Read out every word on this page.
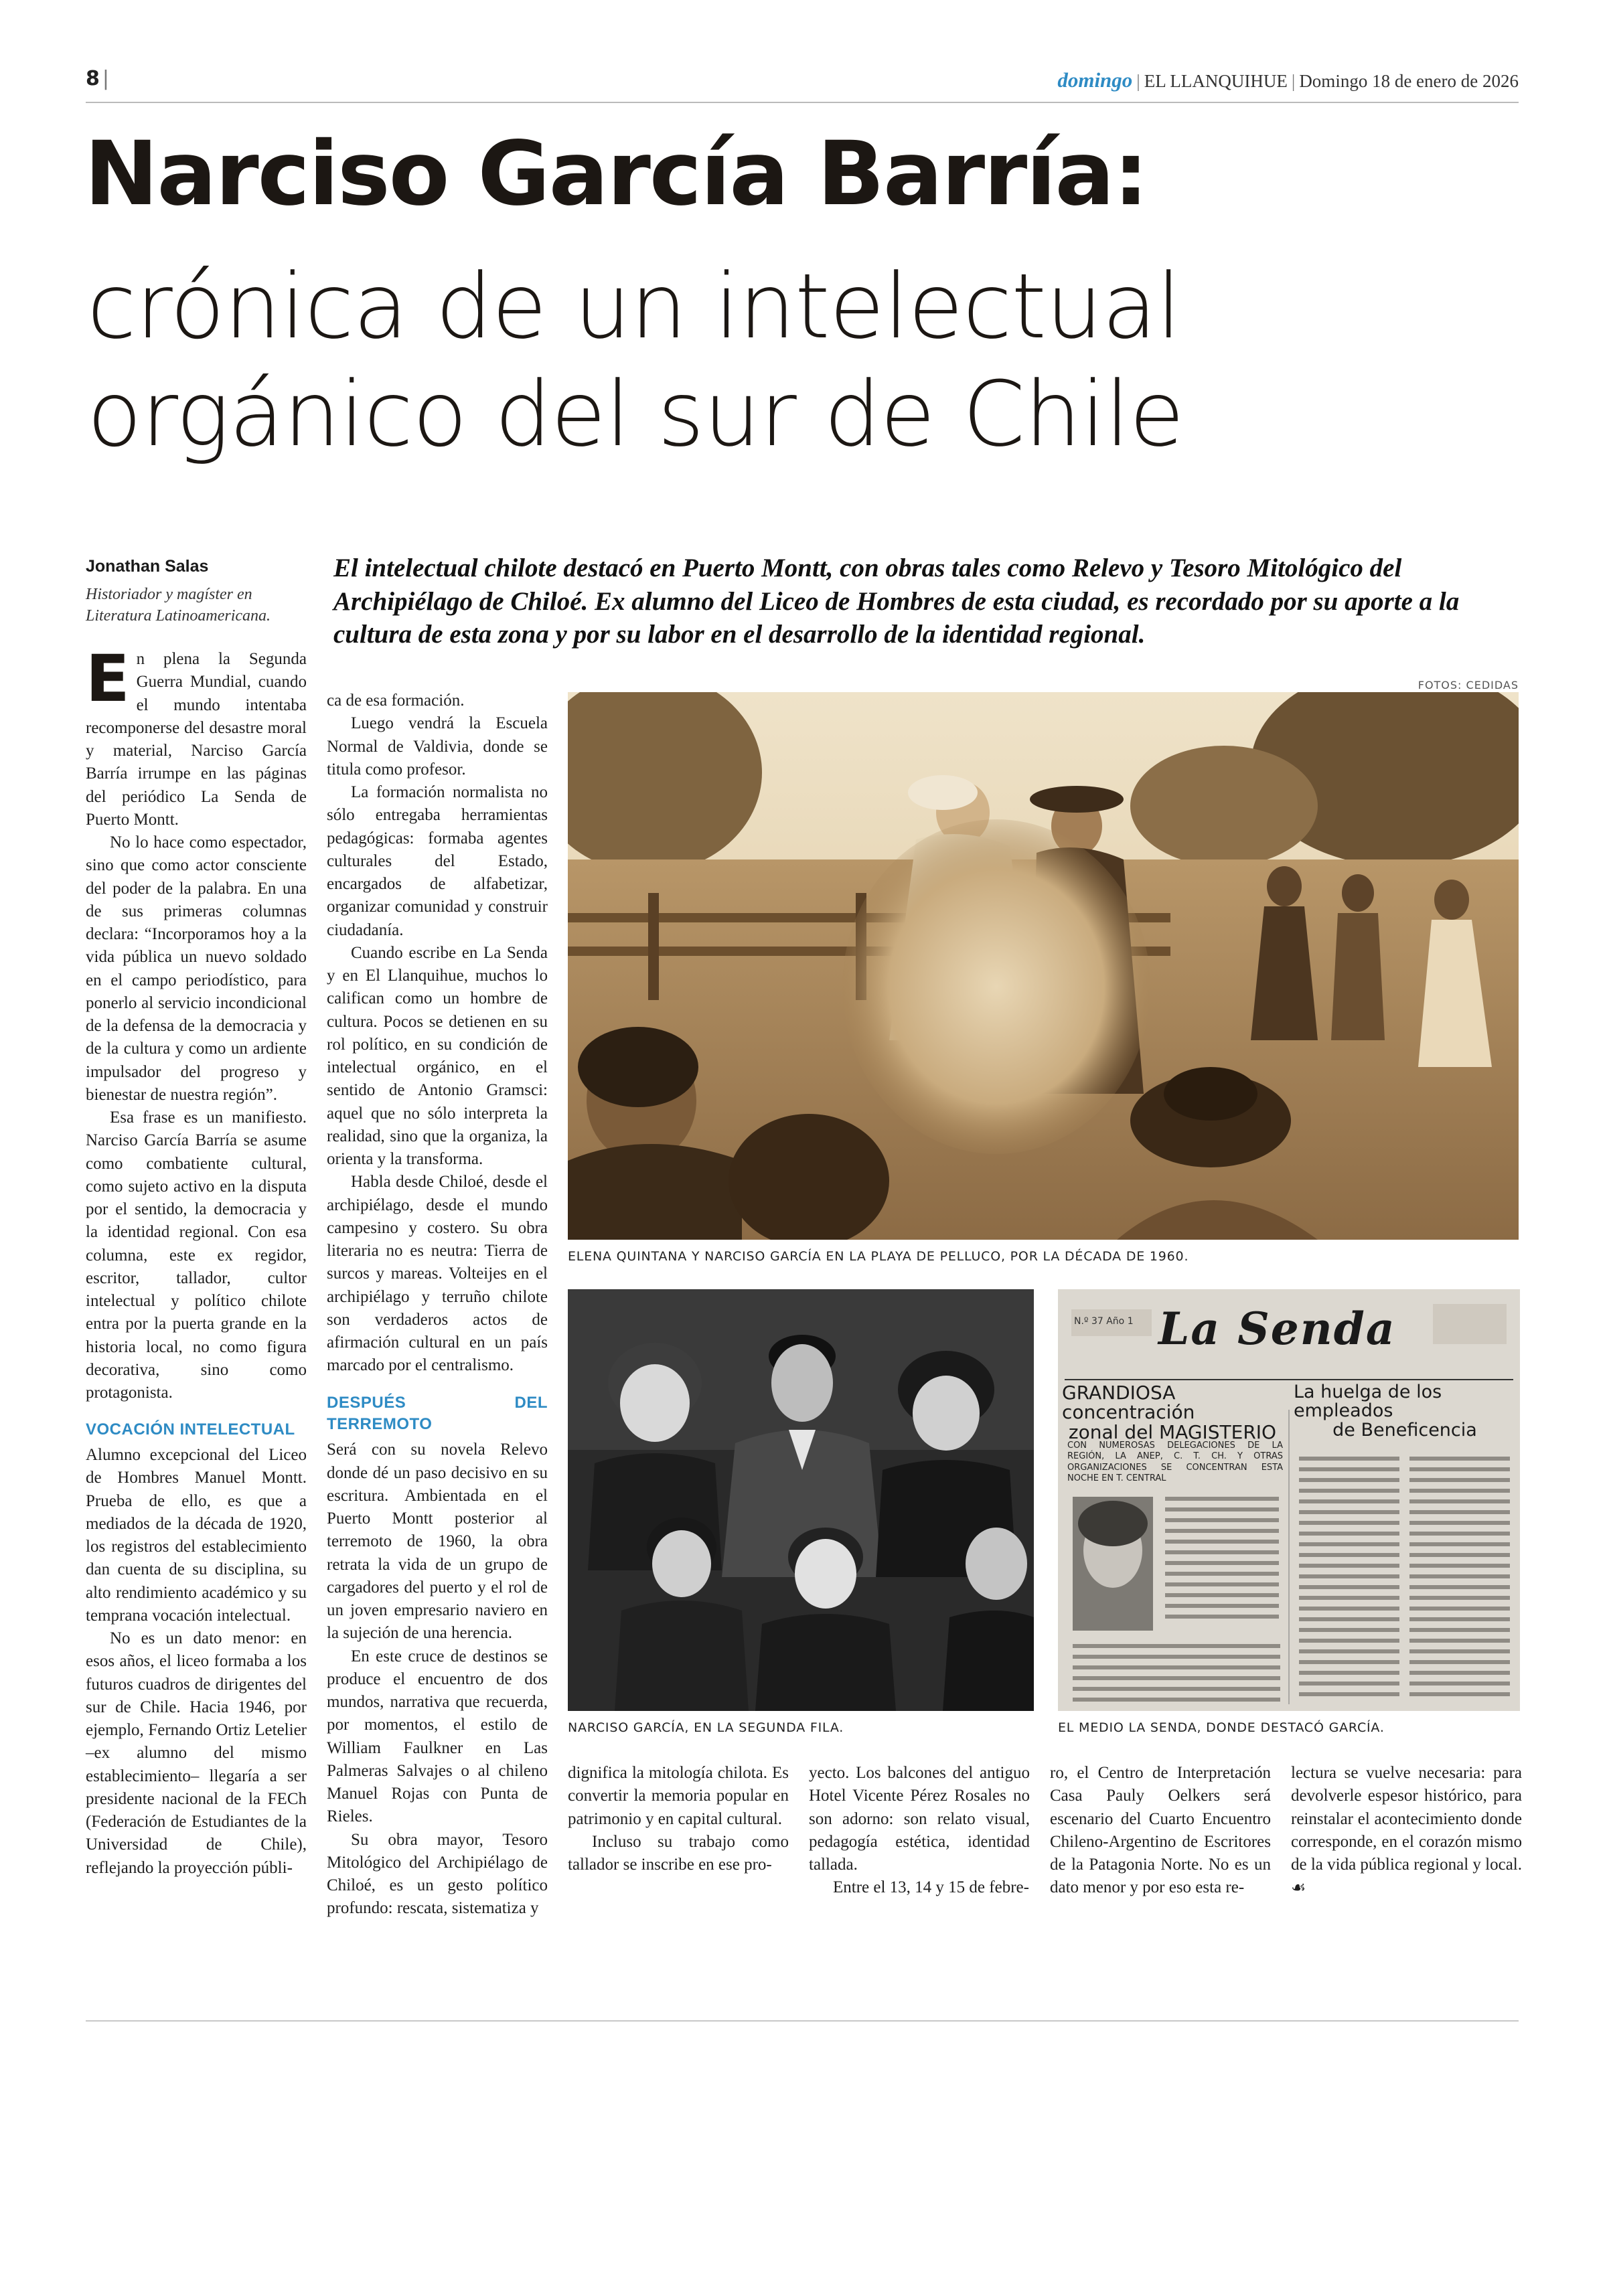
8 |	domingo | EL LLANQUIHUE | Domingo 18 de enero de 2026
Narciso García Barría:
crónica de un intelectual
orgánico del sur de Chile
Jonathan Salas
Historiador y magíster en Literatura Latinoamericana.
El intelectual chilote destacó en Puerto Montt, con obras tales como Relevo y Tesoro Mitológico del Archipiélago de Chiloé. Ex alumno del Liceo de Hombres de esta ciudad, es recordado por su aporte a la cultura de esta zona y por su labor en el desarrollo de la identidad regional.

En plena la Segunda Guerra Mundial, cuando el mundo intentaba recomponerse del desastre moral y material, Narciso García Barría irrumpe en las páginas del periódico La Senda de Puerto Montt.

No lo hace como espectador, sino que como actor consciente del poder de la palabra. En una de sus primeras columnas declara: “Incorporamos hoy a la vida pública un nuevo soldado en el campo periodístico, para ponerlo al servicio incondicional de la defensa de la democracia y de la cultura y como un ardiente impulsador del progreso y bienestar de nuestra región”.

Esa frase es un manifiesto. Narciso García Barría se asume como combatiente cultural, como sujeto activo en la disputa por el sentido, la democracia y la identidad regional. Con esa columna, este ex regidor, escritor, tallador, cultor intelectual y político chilote entra por la puerta grande en la historia local, no como figura decorativa, sino como protagonista.

VOCACIÓN INTELECTUAL

Alumno excepcional del Liceo de Hombres Manuel Montt. Prueba de ello, es que a mediados de la década de 1920, los registros del establecimiento dan cuenta de su disciplina, su alto rendimiento académico y su temprana vocación intelectual.

No es un dato menor: en esos años, el liceo formaba a los futuros cuadros de dirigentes del sur de Chile. Hacia 1946, por ejemplo, Fernando Ortiz Letelier –ex alumno del mismo establecimiento– llegaría a ser presidente nacional de la FECh (Federación de Estudiantes de la Universidad de Chile), reflejando la proyección públi-

ca de esa formación.

Luego vendrá la Escuela Normal de Valdivia, donde se titula como profesor.

La formación normalista no sólo entregaba herramientas pedagógicas: formaba agentes culturales del Estado, encargados de alfabetizar, organizar comunidad y construir ciudadanía.

Cuando escribe en La Senda y en El Llanquihue, muchos lo califican como un hombre de cultura. Pocos se detienen en su rol político, en su condición de intelectual orgánico, en el sentido de Antonio Gramsci: aquel que no sólo interpreta la realidad, sino que la organiza, la orienta y la transforma.

Habla desde Chiloé, desde el archipiélago, desde el mundo campesino y costero. Su obra literaria no es neutra: Tierra de surcos y mareas. Volteijes en el archipiélago y terruño chilote son verdaderos actos de afirmación cultural en un país marcado por el centralismo.

DESPUÉS DEL TERREMOTO

Será con su novela Relevo donde dé un paso decisivo en su escritura. Ambientada en el Puerto Montt posterior al terremoto de 1960, la obra retrata la vida de un grupo de cargadores del puerto y el rol de un joven empresario naviero en la sujeción de una herencia.

En este cruce de destinos se produce el encuentro de dos mundos, narrativa que recuerda, por momentos, el estilo de William Faulkner en Las Palmeras Salvajes o al chileno Manuel Rojas con Punta de Rieles.

Su obra mayor, Tesoro Mitológico del Archipiélago de Chiloé, es un gesto político profundo: rescata, sistematiza y

FOTOS: CEDIDAS
ELENA QUINTANA Y NARCISO GARCÍA EN LA PLAYA DE PELLUCO, POR LA DÉCADA DE 1960.
NARCISO GARCÍA, EN LA SEGUNDA FILA.
La Senda
N.º 37 Año 1
GRANDIOSA concentración
zonal del MAGISTERIO
La huelga de los empleados
de Beneficencia
CON NUMEROSAS DELEGACIONES DE LA REGIÓN, LA ANEP, C. T. CH. Y OTRAS ORGANIZACIONES SE CONCENTRAN ESTA NOCHE EN T. CENTRAL
EL MEDIO LA SENDA, DONDE DESTACÓ GARCÍA.

dignifica la mitología chilota. Es convertir la memoria popular en patrimonio y en capital cultural.

Incluso su trabajo como tallador se inscribe en ese pro-

yecto. Los balcones del antiguo Hotel Vicente Pérez Rosales no son adorno: son relato visual, pedagogía estética, identidad tallada.

Entre el 13, 14 y 15 de febre-

ro, el Centro de Interpretación Casa Pauly Oelkers será escenario del Cuarto Encuentro Chileno-Argentino de Escritores de la Patagonia Norte. No es un dato menor y por eso esta re-

lectura se vuelve necesaria: para devolverle espesor histórico, para reinstalar el acontecimiento donde corresponde, en el corazón mismo de la vida pública regional y local. ☙
